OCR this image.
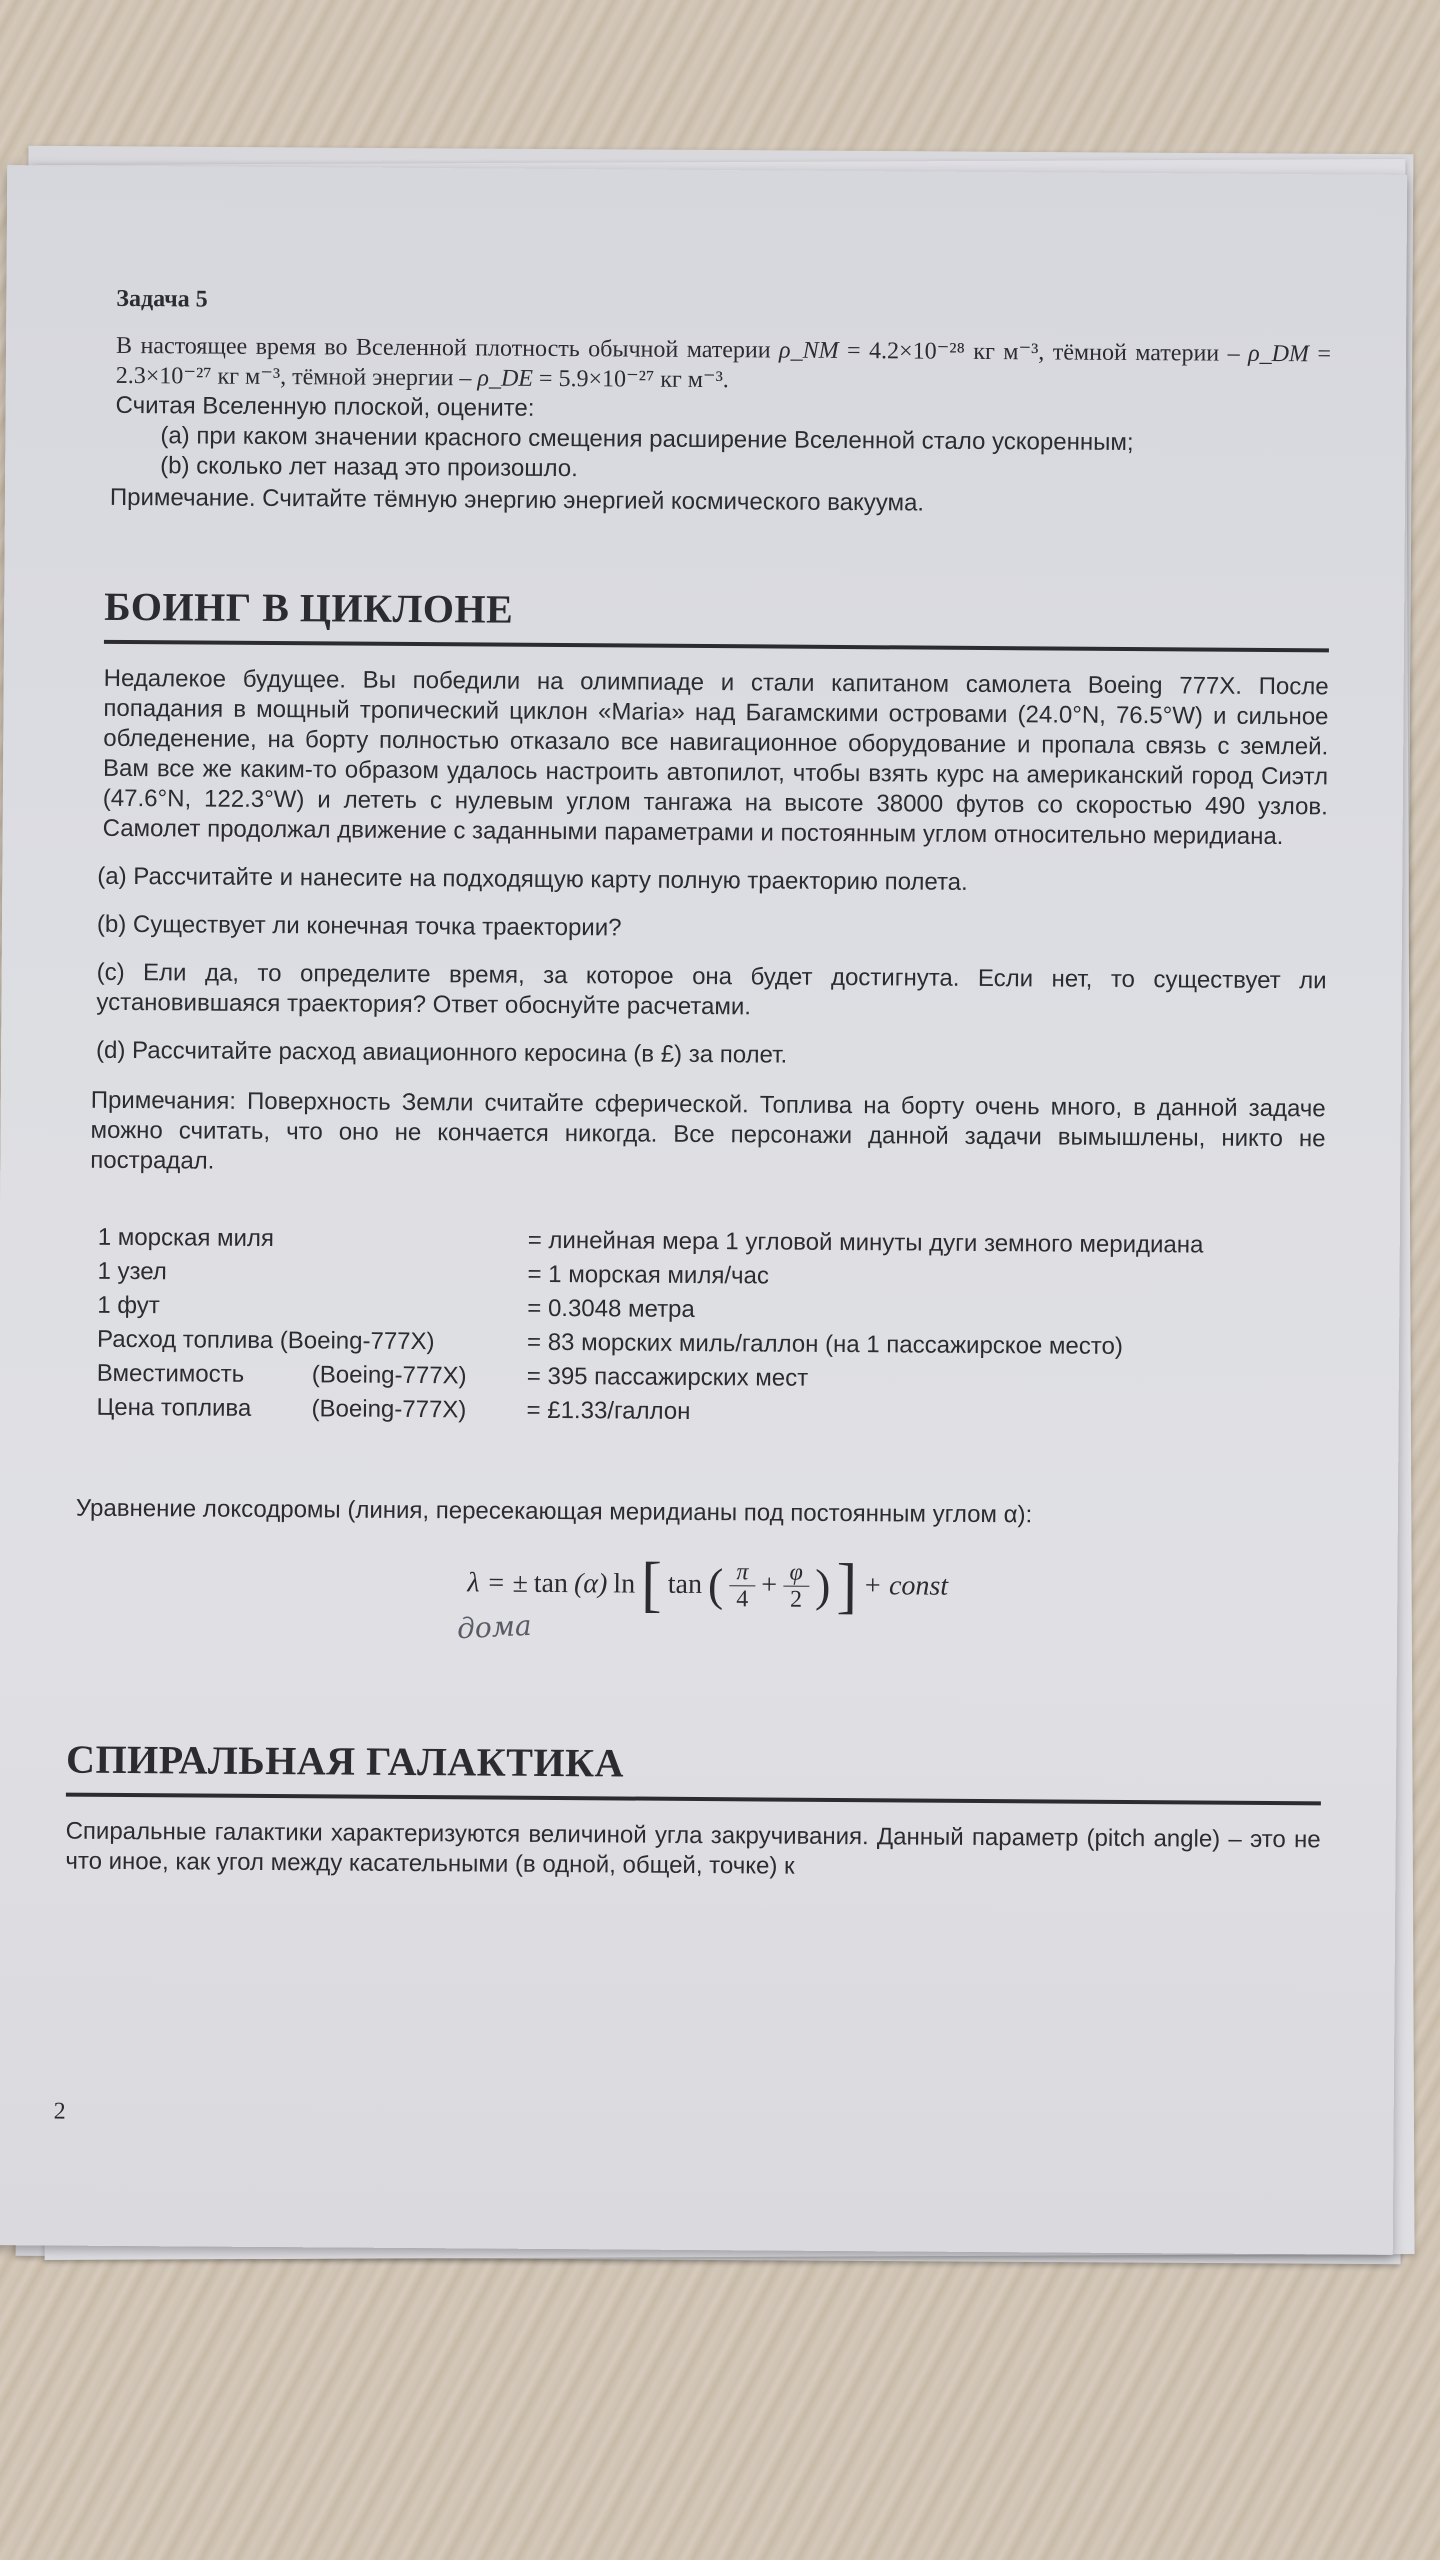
Задача 5

В настоящее время во Вселенной плотность обычной материи ρ_NM = 4.2×10⁻²⁸ кг м⁻³, тёмной материи – ρ_DM = 2.3×10⁻²⁷ кг м⁻³, тёмной энергии – ρ_DE = 5.9×10⁻²⁷ кг м⁻³.

Считая Вселенную плоской, оцените:

(a) при каком значении красного смещения расширение Вселенной стало ускоренным;

(b) сколько лет назад это произошло.

Примечание. Считайте тёмную энергию энергией космического вакуума.

БОИНГ В ЦИКЛОНЕ

Недалекое будущее. Вы победили на олимпиаде и стали капитаном самолета Boeing 777X. После попадания в мощный тропический циклон «Maria» над Багамскими островами (24.0°N, 76.5°W) и сильное обледенение, на борту полностью отказало все навигационное оборудование и пропала связь с землей. Вам все же каким-то образом удалось настроить автопилот, чтобы взять курс на американский город Сиэтл (47.6°N, 122.3°W) и лететь с нулевым углом тангажа на высоте 38000 футов со скоростью 490 узлов. Самолет продолжал движение с заданными параметрами и постоянным углом относительно меридиана.

(a) Рассчитайте и нанесите на подходящую карту полную траекторию полета.

(b) Существует ли конечная точка траектории?

(c) Ели да, то определите время, за которое она будет достигнута. Если нет, то существует ли установившаяся траектория? Ответ обоснуйте расчетами.

(d) Рассчитайте расход авиационного керосина (в £) за полет.

Примечания: Поверхность Земли считайте сферической. Топлива на борту очень много, в данной задаче можно считать, что оно не кончается никогда. Все персонажи данной задачи вымышлены, никто не пострадал.

1 морская миля		= линейная мера 1 угловой минуты дуги земного меридиана
1 узел		= 1 морская миля/час
1 фут		= 0.3048 метра
Расход топлива (Boeing-777X)		= 83 морских миль/галлон (на 1 пассажирское место)
Вместимость	(Boeing-777X)	= 395 пассажирских мест
Цена топлива	(Boeing-777X)	= £1.33/галлон
Уравнение локсодромы (линия, пересекающая меридианы под постоянным углом α):
λ = ± tan (α) ln [ tan ( $\frac{\pi}{4} + \frac{\varphi}{2}$ ) ] + const
дома
СПИРАЛЬНАЯ ГАЛАКТИКА

Спиральные галактики характеризуются величиной угла закручивания. Данный параметр (pitch angle) – это не что иное, как угол между касательными (в одной, общей, точке) к

2
